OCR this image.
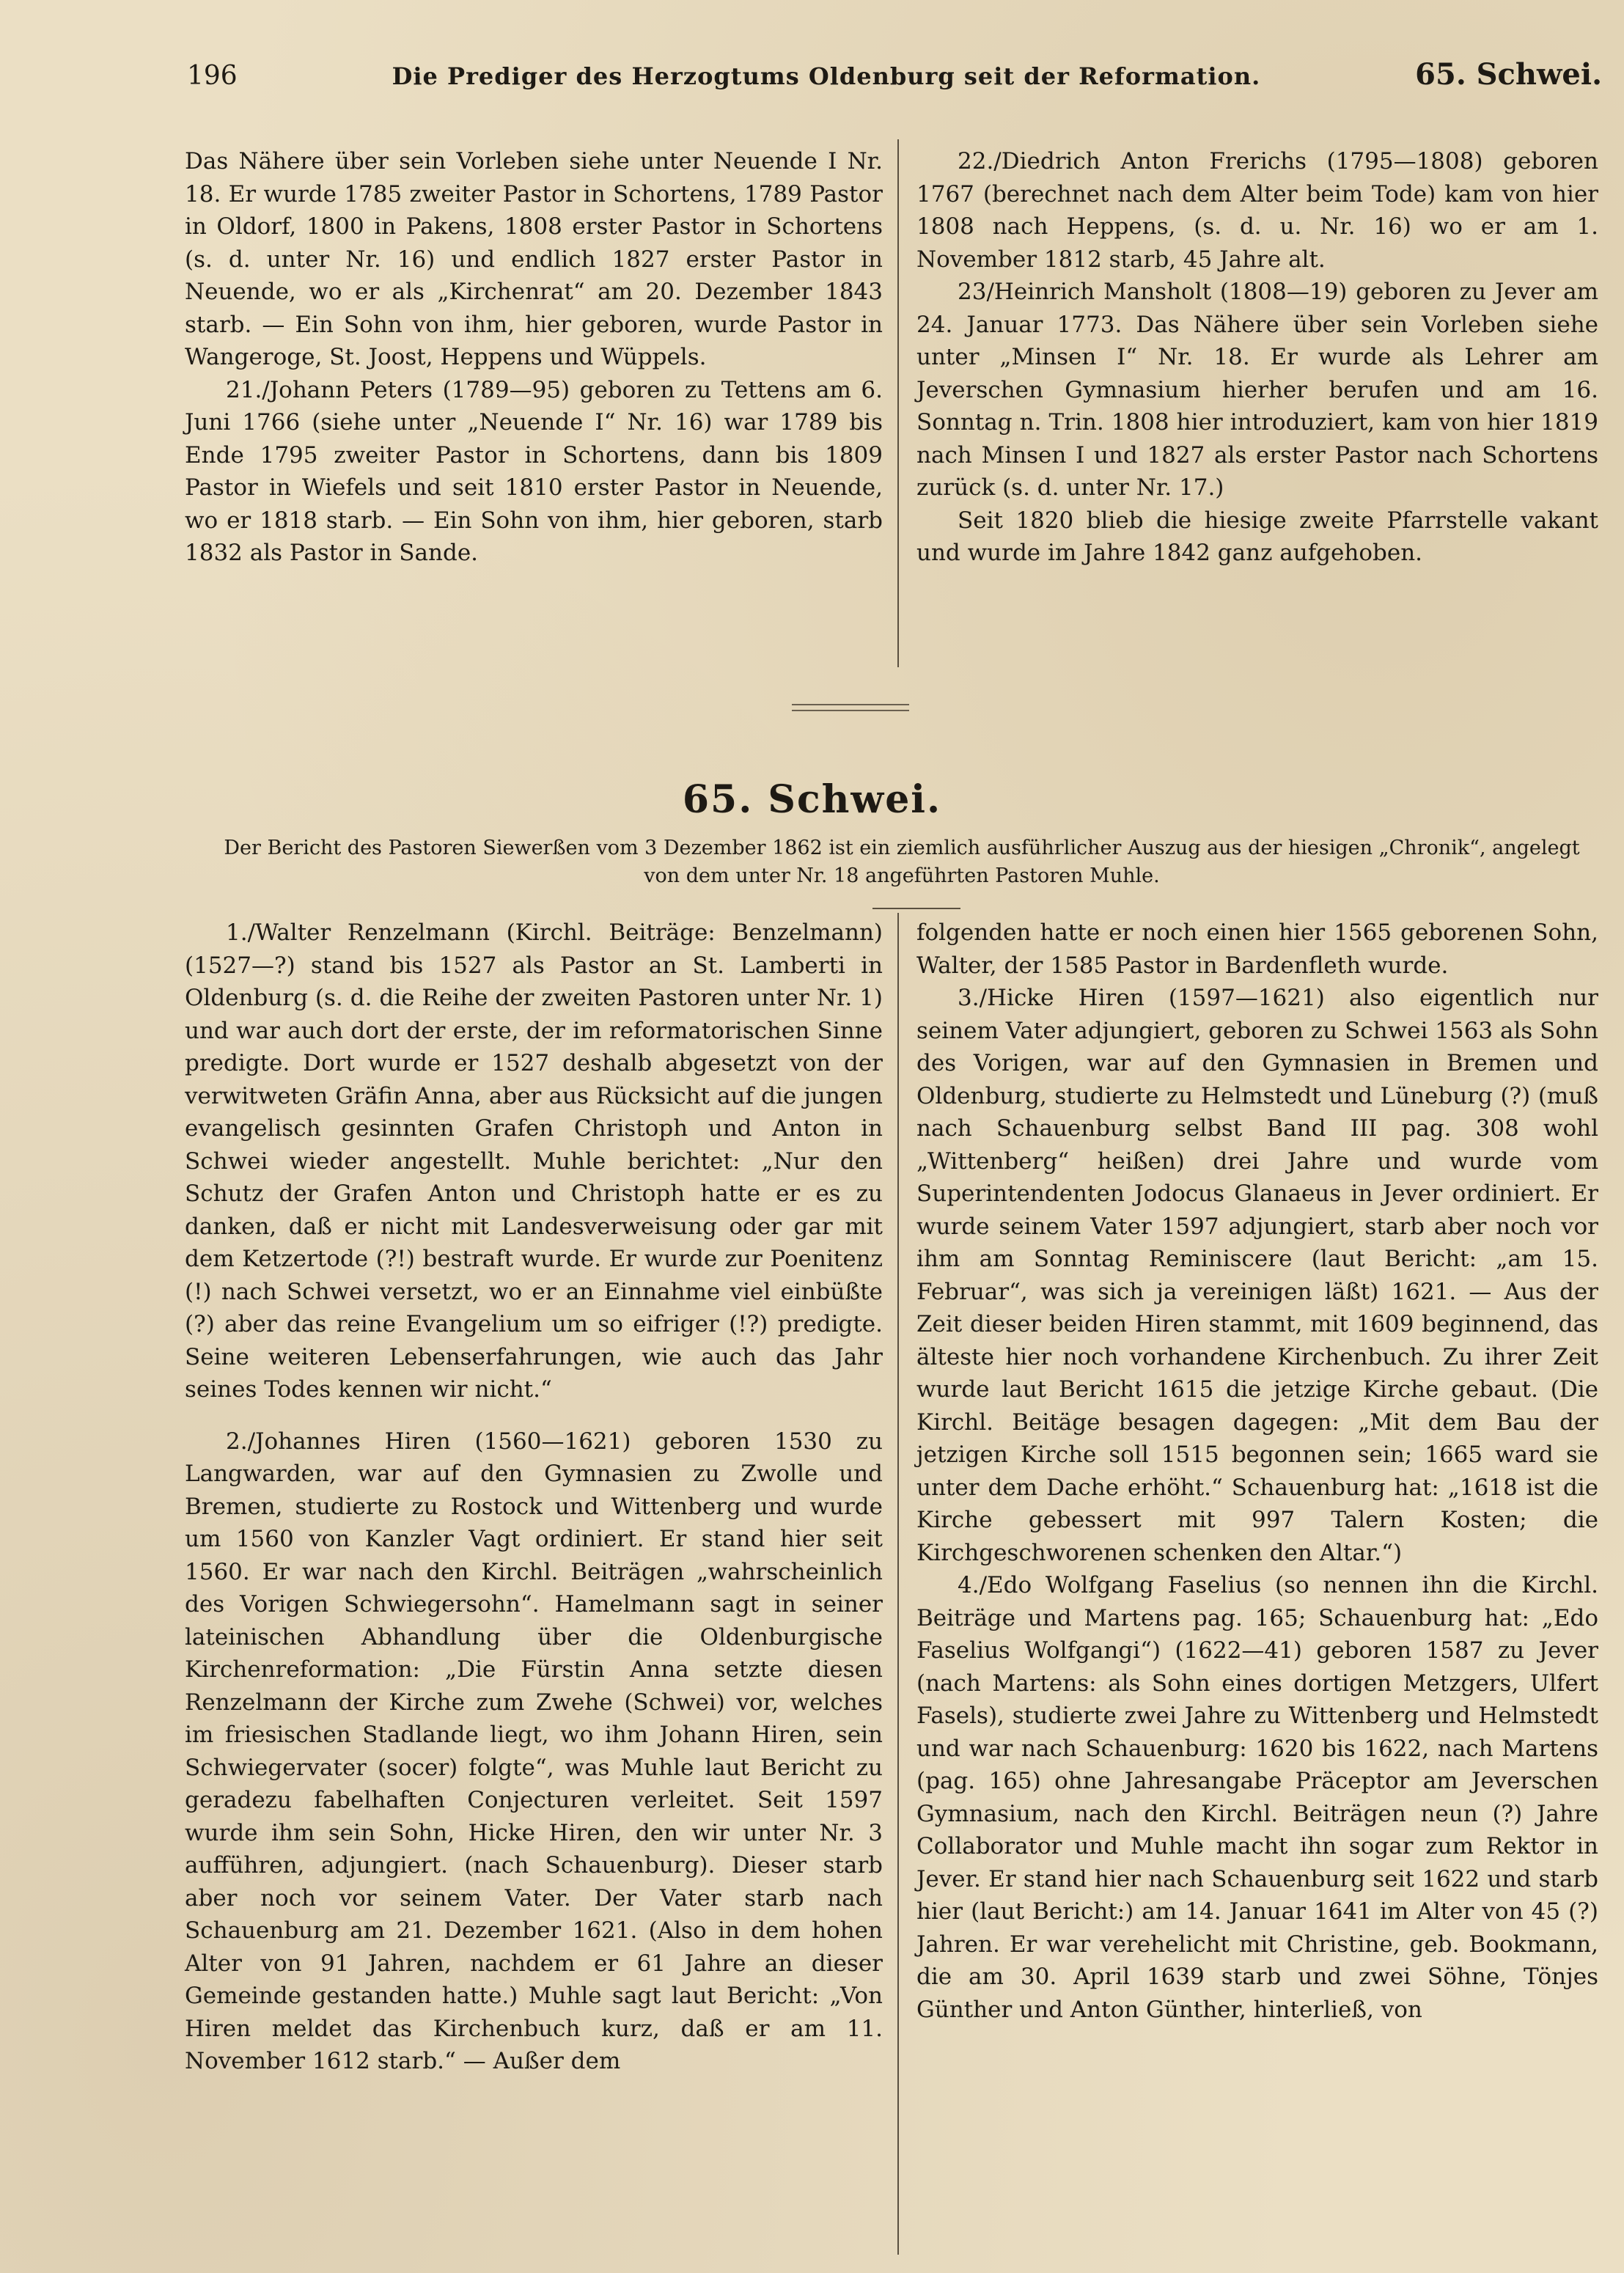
196	Die Prediger des Herzogtums Oldenburg seit der Reformation.	65. Schwei.

Das Nähere über sein Vorleben siehe unter Neuende I Nr. 18. Er wurde 1785 zweiter Pastor in Schortens, 1789 Pastor in Oldorf, 1800 in Pakens, 1808 erster Pastor in Schortens (s. d. unter Nr. 16) und endlich 1827 erster Pastor in Neuende, wo er als „Kirchenrat“ am 20. Dezember 1843 starb. — Ein Sohn von ihm, hier geboren, wurde Pastor in Wangeroge, St. Joost, Heppens und Wüppels.

21./Johann Peters (1789—95) geboren zu Tettens am 6. Juni 1766 (siehe unter „Neuende I“ Nr. 16) war 1789 bis Ende 1795 zweiter Pastor in Schortens, dann bis 1809 Pastor in Wiefels und seit 1810 erster Pastor in Neuende, wo er 1818 starb. — Ein Sohn von ihm, hier geboren, starb 1832 als Pastor in Sande.

22./Diedrich Anton Frerichs (1795—1808) geboren 1767 (berechnet nach dem Alter beim Tode) kam von hier 1808 nach Heppens, (s. d. u. Nr. 16) wo er am 1. November 1812 starb, 45 Jahre alt.

23/Heinrich Mansholt (1808—19) geboren zu Jever am 24. Januar 1773. Das Nähere über sein Vorleben siehe unter „Minsen I“ Nr. 18. Er wurde als Lehrer am Jeverschen Gymnasium hierher berufen und am 16. Sonntag n. Trin. 1808 hier introduziert, kam von hier 1819 nach Minsen I und 1827 als erster Pastor nach Schortens zurück (s. d. unter Nr. 17.)

Seit 1820 blieb die hiesige zweite Pfarrstelle vakant und wurde im Jahre 1842 ganz aufgehoben.

65. Schwei.
Der Bericht des Pastoren Siewerßen vom 3 Dezember 1862 ist ein ziemlich ausführlicher Auszug aus der hiesigen „Chronik“, angelegt von dem unter Nr. 18 angeführten Pastoren Muhle.

1./Walter Renzelmann (Kirchl. Beiträge: Benzelmann) (1527—?) stand bis 1527 als Pastor an St. Lamberti in Oldenburg (s. d. die Reihe der zweiten Pastoren unter Nr. 1) und war auch dort der erste, der im reformatorischen Sinne predigte. Dort wurde er 1527 deshalb abgesetzt von der verwitweten Gräfin Anna, aber aus Rücksicht auf die jungen evangelisch gesinnten Grafen Christoph und Anton in Schwei wieder angestellt. Muhle berichtet: „Nur den Schutz der Grafen Anton und Christoph hatte er es zu danken, daß er nicht mit Landesverweisung oder gar mit dem Ketzertode (?!) bestraft wurde. Er wurde zur Poenitenz (!) nach Schwei versetzt, wo er an Einnahme viel einbüßte (?) aber das reine Evangelium um so eifriger (!?) predigte. Seine weiteren Lebenserfahrungen, wie auch das Jahr seines Todes kennen wir nicht.“

2./Johannes Hiren (1560—1621) geboren 1530 zu Langwarden, war auf den Gymnasien zu Zwolle und Bremen, studierte zu Rostock und Wittenberg und wurde um 1560 von Kanzler Vagt ordiniert. Er stand hier seit 1560. Er war nach den Kirchl. Beiträgen „wahrscheinlich des Vorigen Schwiegersohn“. Hamelmann sagt in seiner lateinischen Abhandlung über die Oldenburgische Kirchenreformation: „Die Fürstin Anna setzte diesen Renzelmann der Kirche zum Zwehe (Schwei) vor, welches im friesischen Stadlande liegt, wo ihm Johann Hiren, sein Schwiegervater (socer) folgte“, was Muhle laut Bericht zu geradezu fabelhaften Conjecturen verleitet. Seit 1597 wurde ihm sein Sohn, Hicke Hiren, den wir unter Nr. 3 aufführen, adjungiert. (nach Schauenburg). Dieser starb aber noch vor seinem Vater. Der Vater starb nach Schauenburg am 21. Dezember 1621. (Also in dem hohen Alter von 91 Jahren, nachdem er 61 Jahre an dieser Gemeinde gestanden hatte.) Muhle sagt laut Bericht: „Von Hiren meldet das Kirchenbuch kurz, daß er am 11. November 1612 starb.“ — Außer dem

folgenden hatte er noch einen hier 1565 geborenen Sohn, Walter, der 1585 Pastor in Bardenfleth wurde.

3./Hicke Hiren (1597—1621) also eigentlich nur seinem Vater adjungiert, geboren zu Schwei 1563 als Sohn des Vorigen, war auf den Gymnasien in Bremen und Oldenburg, studierte zu Helmstedt und Lüneburg (?) (muß nach Schauenburg selbst Band III pag. 308 wohl „Wittenberg“ heißen) drei Jahre und wurde vom Superintendenten Jodocus Glanaeus in Jever ordiniert. Er wurde seinem Vater 1597 adjungiert, starb aber noch vor ihm am Sonntag Reminiscere (laut Bericht: „am 15. Februar“, was sich ja vereinigen läßt) 1621. — Aus der Zeit dieser beiden Hiren stammt, mit 1609 beginnend, das älteste hier noch vorhandene Kirchenbuch. Zu ihrer Zeit wurde laut Bericht 1615 die jetzige Kirche gebaut. (Die Kirchl. Beitäge besagen dagegen: „Mit dem Bau der jetzigen Kirche soll 1515 begonnen sein; 1665 ward sie unter dem Dache erhöht.“ Schauenburg hat: „1618 ist die Kirche gebessert mit 997 Talern Kosten; die Kirchgeschworenen schenken den Altar.“)

4./Edo Wolfgang Faselius (so nennen ihn die Kirchl. Beiträge und Martens pag. 165; Schauenburg hat: „Edo Faselius Wolfgangi“) (1622—41) geboren 1587 zu Jever (nach Martens: als Sohn eines dortigen Metzgers, Ulfert Fasels), studierte zwei Jahre zu Wittenberg und Helmstedt und war nach Schauenburg: 1620 bis 1622, nach Martens (pag. 165) ohne Jahresangabe Präceptor am Jeverschen Gymnasium, nach den Kirchl. Beiträgen neun (?) Jahre Collaborator und Muhle macht ihn sogar zum Rektor in Jever. Er stand hier nach Schauenburg seit 1622 und starb hier (laut Bericht:) am 14. Januar 1641 im Alter von 45 (?) Jahren. Er war verehelicht mit Christine, geb. Bookmann, die am 30. April 1639 starb und zwei Söhne, Tönjes Günther und Anton Günther, hinterließ, von
